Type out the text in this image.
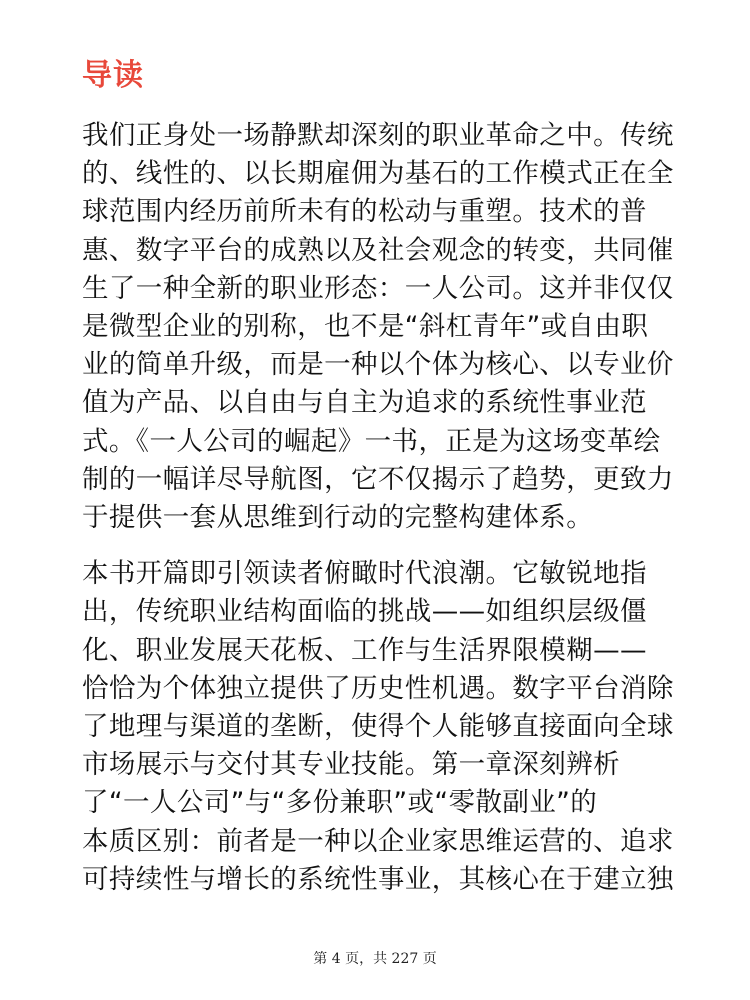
导读

我们正身处一场静默却深刻的职业革命之中。传统
的、线性的、以长期雇佣为基石的工作模式正在全
球范围内经历前所未有的松动与重塑。技术的普
惠、数字平台的成熟以及社会观念的转变，共同催
生了一种全新的职业形态：一人公司。这并非仅仅
是微型企业的别称，也不是“斜杠青年”或自由职
业的简单升级，而是一种以个体为核心、以专业价
值为产品、以自由与自主为追求的系统性事业范
式。《一人公司的崛起》一书，正是为这场变革绘
制的一幅详尽导航图，它不仅揭示了趋势，更致力
于提供一套从思维到行动的完整构建体系。

本书开篇即引领读者俯瞰时代浪潮。它敏锐地指
出，传统职业结构面临的挑战——如组织层级僵
化、职业发展天花板、工作与生活界限模糊——
恰恰为个体独立提供了历史性机遇。数字平台消除
了地理与渠道的垄断，使得个人能够直接面向全球
市场展示与交付其专业技能。第一章深刻辨析
了“一人公司”与“多份兼职”或“零散副业”的
本质区别：前者是一种以企业家思维运营的、追求
可持续性与增长的系统性事业，其核心在于建立独

第 4 页，共 227 页
